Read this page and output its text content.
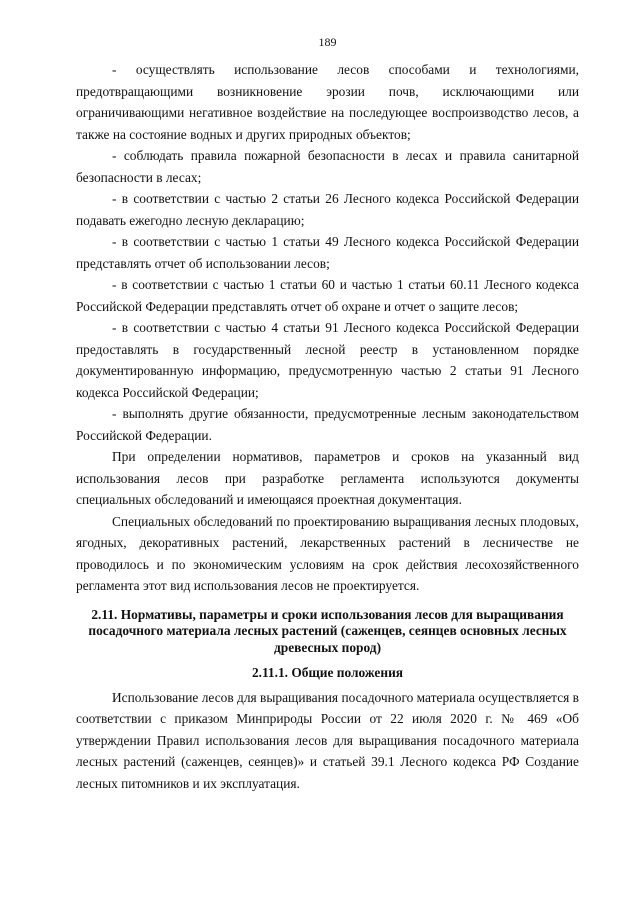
189

- осуществлять использование лесов способами и технологиями, предотвращающими возникновение эрозии почв, исключающими или ограничивающими негативное воздействие на последующее воспроизводство лесов, а также на состояние водных и других природных объектов;

- соблюдать правила пожарной безопасности в лесах и правила санитарной безопасности в лесах;

- в соответствии с частью 2 статьи 26 Лесного кодекса Российской Федерации подавать ежегодно лесную декларацию;

- в соответствии с частью 1 статьи 49 Лесного кодекса Российской Федерации представлять отчет об использовании лесов;

- в соответствии с частью 1 статьи 60 и частью 1 статьи 60.11 Лесного кодекса Российской Федерации представлять отчет об охране и отчет о защите лесов;

- в соответствии с частью 4 статьи 91 Лесного кодекса Российской Федерации предоставлять в государственный лесной реестр в установленном порядке документированную информацию, предусмотренную частью 2 статьи 91 Лесного кодекса Российской Федерации;

- выполнять другие обязанности, предусмотренные лесным законодательством Российской Федерации.

При определении нормативов, параметров и сроков на указанный вид использования лесов при разработке регламента используются документы специальных обследований и имеющаяся проектная документация.

Специальных обследований по проектированию выращивания лесных плодовых, ягодных, декоративных растений, лекарственных растений в лесничестве не проводилось и по экономическим условиям на срок действия лесохозяйственного регламента этот вид использования лесов не проектируется.

2.11. Нормативы, параметры и сроки использования лесов для выращивания посадочного материала лесных растений (саженцев, сеянцев основных лесных древесных пород)

2.11.1. Общие положения

Использование лесов для выращивания посадочного материала осуществляется в соответствии с приказом Минприроды России от 22 июля 2020 г. № 469 «Об утверждении Правил использования лесов для выращивания посадочного материала лесных растений (саженцев, сеянцев)» и статьей 39.1 Лесного кодекса РФ Создание лесных питомников и их эксплуатация.
